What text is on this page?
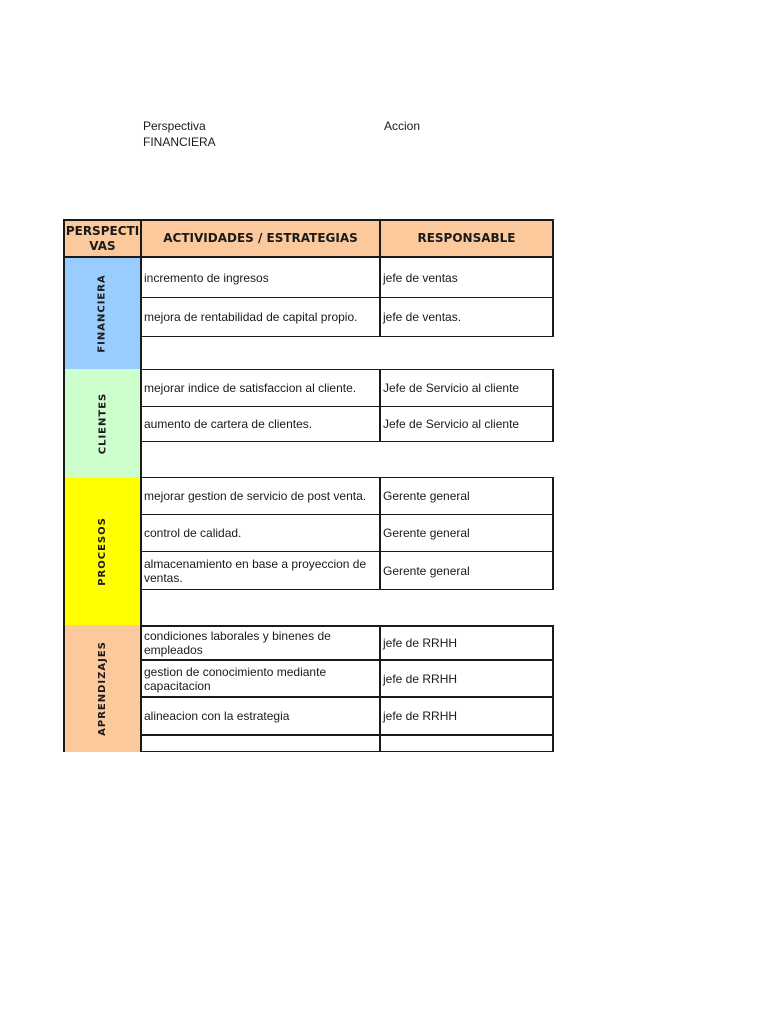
Perspectiva
FINANCIERA
Accion
PERSPECTI VAS
ACTIVIDADES / ESTRATEGIAS	RESPONSABLE
FINANCIERA	incremento de ingresos	jefe de ventas
mejora de rentabilidad de capital propio.	jefe de ventas.
CLIENTES
mejorar indice de satisfaccion al cliente.	Jefe de Servicio al cliente
aumento de cartera de clientes.	Jefe de Servicio al cliente
PROCESOS
mejorar gestion de servicio de post venta.	Gerente general
control de calidad.	Gerente general
almacenamiento en base a proyeccion de ventas.	Gerente general
APRENDIZAJES
condiciones laborales y binenes de empleados	jefe de RRHH
gestion de conocimiento mediante capacitacion	jefe de RRHH
alineacion con la estrategia	jefe de RRHH
